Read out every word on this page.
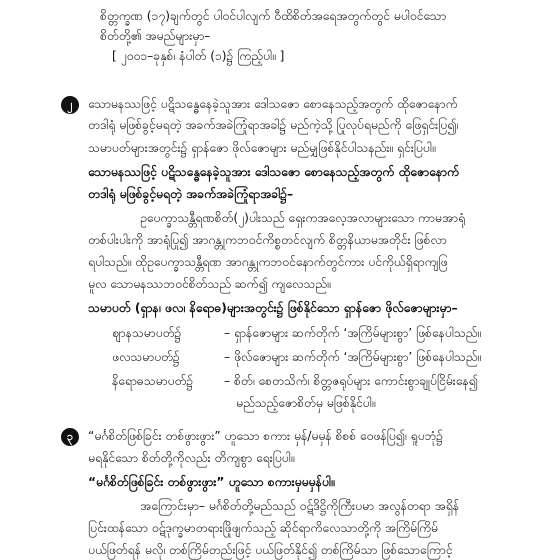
စိတ္တက္ခဏ (၁၇)ချက်တွင် ပါဝင်ပါလျက် ဝီထိစိတ်အရေအတွက်တွင် မပါဝင်သော
စိတ်တို့၏ အမည်များမှာ–
[ ၂၀၀၁–ခုနှစ်၊ နံပါတ် (၁)၌ ကြည့်ပါ။ ]
၂	သောမနဿဖြင့် ပဋိသန္ဓေနေခဲ့သူအား ဒေါသဇော စောနေသည့်အတွက် ထိုဇောနောက်
တဒါရုံ မဖြစ်ခွင့်မရတဲ့ အခက်အခဲကြုံရာအခါ၌ မည်ကဲ့သို့ ပြုလုပ်ရမည်ကို ဖြေရှင်းပြ၍၊
သမာပတ်များအတွင်း၌ ရှာန်ဇော ဖိုလ်ဇောများ မည်မျှဖြစ်နိုင်ပါသနည်း။ ရှင်းပြပါ။
သောမနဿဖြင့် ပဋိသန္ဓေနေခဲ့သူအား ဒေါသဇော စောနေသည့်အတွက် ထိုဇောနောက်
တဒါရုံ မဖြစ်ခွင့်မရတဲ့ အခက်အခဲကြုံရာအခါ၌–
ဥပေက္ခာသန္တီရဏစိတ်(၂)ပါးသည် ရှေးကအလေ့အလာများသော ကာမအာရုံ
တစ်ပါးပါးကို အာရုံပြု၍ အာဂန္တုကဘဝင်ကိစ္စတင်လျက် စိတ္တနိယာမအတိုင်း ဖြစ်လာ
ရပါသည်။ ထိုဥပေက္ခာသန္တီရဏ အာဂန္တုကဘဝင်နောက်တွင်ကား ပင်ကိုယ်ရှိရာကျဖြ
မူလ သောမနဿဘဝင်စိတ်သည် ဆက်၍ ကျလေသည်။
သမာပတ် (ရှာန၊ ဖလ၊ နိရောဓ)များအတွင်း၌ ဖြစ်နိုင်သော ရှာန်ဇော ဖိုလ်ဇောများမှာ–
ဈာနသမာပတ်၌	– ရှာန်ဇောများ ဆက်တိုက် ‘အကြိမ်များစွာ’ ဖြစ်နေပါသည်။
ဖလသမာပတ်၌	– ဖိုလ်ဇောများ ဆက်တိုက် ‘အကြိမ်များစွာ’ ဖြစ်နေပါသည်။
နိရောဓသမာပတ်၌	– စိတ်၊ စေတသိက်၊ စိတ္တဇရုပ်များ ကောင်းစွာချုပ်ငြိမ်းနေ၍
မည်သည့်ဇောစိတ်မှ မဖြစ်နိုင်ပါ။
၃	“မင်္ဂစိတ်ဖြစ်ခြင်း တစ်ဖွားဖွား” ဟူသော စကား မှန်/မမှန် စိစစ် ဝေဖန်ပြ၍၊ ရူပဘုံ၌
မရနိုင်သော စိတ်တို့ကိုလည်း တိကျစွာ ရေးပြပါ။
“မင်္ဂစိတ်ဖြစ်ခြင်း တစ်ဖွားဖွား” ဟူသော စကားမှမမှန်ပါ။
အကြောင်းမှာ– မင်္ဂစိတ်တို့မည်သည် ဝဋ်ဒိဋ္ဌိကိုကြီးပမာ အလွန်တရာ အရှိန်
ပြင်းထန်သော ဝဋ်ဒုက္ခမာတရားဖြိုဖျက်သည့် ဆိုင်ရာကိလေသာတို့ကို အကြိမ်ကြိမ်
ပယ်ဖြတ်ရန် မလို၊ တစ်ကြိမ်တည်းဖြင့် ပယ်ဖြတ်နိုင်၍ တစ်ကြိမ်သာ ဖြစ်သောကြောင့်
